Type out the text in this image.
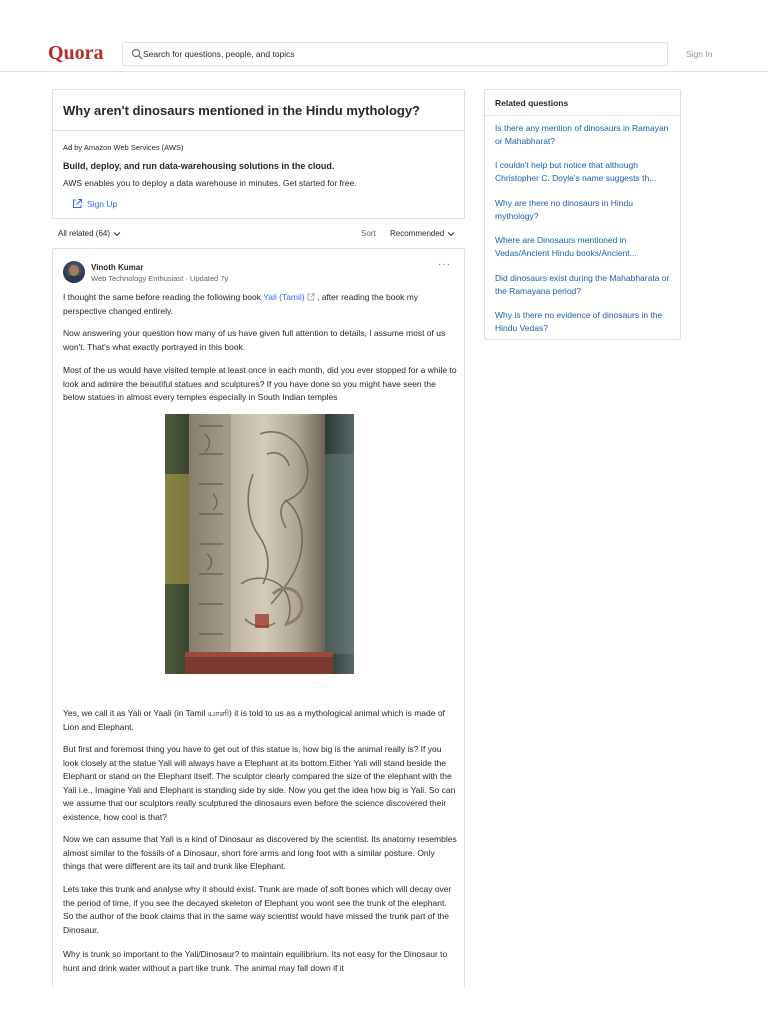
Quora
Search for questions, people, and topics	Sign In
Why aren't dinosaurs mentioned in the Hindu mythology?
Ad by Amazon Web Services (AWS)
Build, deploy, and run data-warehousing solutions in the cloud.
AWS enables you to deploy a data warehouse in minutes. Get started for free.
Sign Up
All related (64)	Sort Recommended
Vinoth Kumar
Web Technology Enthusiast · Updated 7y
···
I thought the same before reading the following book Yali (Tamil) , after reading the book my perspective changed entirely.
Now answering your question how many of us have given full attention to details, I assume most of us won't. That's what exactly portrayed in this book.
Most of the us would have visited temple at least once in each month, did you ever stopped for a while to look and admire the beautiful statues and sculptures? If you have done so you might have seen the below statues in almost every temples especially in South Indian temples
Yes, we call it as Yali or Yaali (in Tamil யாளி) it is told to us as a mythological animal which is made of Lion and Elephant.
But first and foremost thing you have to get out of this statue is, how big is the animal really is? If you look closely at the statue Yali will always have a Elephant at its bottom.Either Yali will stand beside the Elephant or stand on the Elephant itself. The sculptor clearly compared the size of the elephant with the Yali i.e., Imagine Yali and Elephant is standing side by side. Now you get the idea how big is Yali. So can we assume that our sculptors really sculptured the dinosaurs even before the science discovered their existence, how cool is that?
Now we can assume that Yali is a kind of Dinosaur as discovered by the scientist. Its anatomy resembles almost similar to the fossils of a Dinosaur, short fore arms and long foot with a similar posture. Only things that were different are its tail and trunk like Elephant.
Lets take this trunk and analyse why it should exist. Trunk are made of soft bones which will decay over the period of time, if you see the decayed skeleton of Elephant you wont see the trunk of the elephant. So the author of the book claims that in the same way scientist would have missed the trunk part of the Dinosaur.
Why is trunk so important to the Yali/Dinosaur? to maintain equilibrium. Its not easy for the Dinosaur to hunt and drink water without a part like trunk. The animal may fall down if it
Related questions
Is there any mention of dinosaurs in Ramayan or Mahabharat?
I couldn't help but notice that although Christopher C. Doyle's name suggests th...
Why are there no dinosaurs in Hindu mythology?
Where are Dinosaurs mentioned in Vedas/Ancient Hindu books/Ancient...
Did dinosaurs exist during the Mahabharata or the Ramayana period?
Why is there no evidence of dinosaurs in the Hindu Vedas?
